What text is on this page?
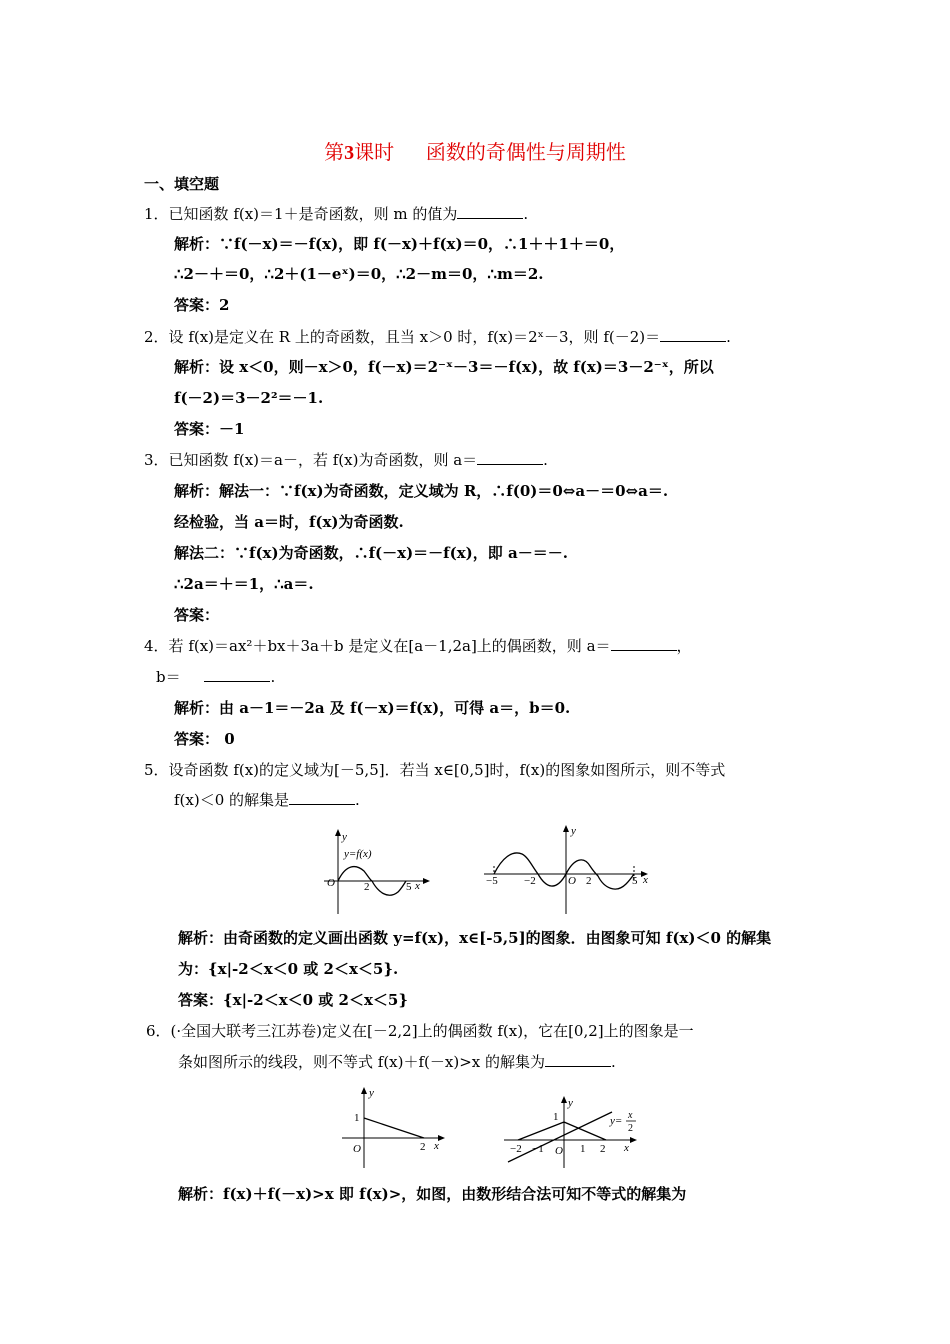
第3课时 函数的奇偶性与周期性
一、填空题
1．已知函数 f(x)＝1＋是奇函数，则 m 的值为	.
解析：∵f(－x)＝－f(x)，即 f(－x)＋f(x)＝0，∴1＋＋1＋＝0，
∴2－＋＝0，∴2＋(1－eˣ)＝0，∴2－m＝0，∴m＝2.
答案：2
2．设 f(x)是定义在 R 上的奇函数，且当 x＞0 时，f(x)＝2ˣ－3，则 f(－2)＝	.
解析：设 x＜0，则－x＞0，f(－x)＝2⁻ˣ－3＝－f(x)，故 f(x)＝3－2⁻ˣ，所以
f(－2)＝3－2²＝－1.
答案：－1
3．已知函数 f(x)＝a－，若 f(x)为奇函数，则 a＝	.
解析：解法一：∵f(x)为奇函数，定义域为 R，∴f(0)＝0⇔a－＝0⇔a＝.
经检验，当 a＝时，f(x)为奇函数.
解法二：∵f(x)为奇函数，∴f(－x)＝－f(x)，即 a－＝－.
∴2a＝＋＝1，∴a＝.
答案：
4．若 f(x)＝ax²＋bx＋3a＋b 是定义在[a－1,2a]上的偶函数，则 a＝	，
b＝	.
解析：由 a－1＝－2a 及 f(－x)＝f(x)，可得 a＝，b＝0.
答案： 0
5．设奇函数 f(x)的定义域为[－5,5]．若当 x∈[0,5]时，f(x)的图象如图所示，则不等式
f(x)＜0 的解集是	.
y
y=f(x)
O	2	5 x
y
−5 −2	O 2	5 x
解析：由奇函数的定义画出函数 y=f(x)，x∈[-5,5]的图象．由图象可知 f(x)＜0 的解集
为：{x|-2＜x＜0 或 2＜x＜5}.
答案：{x|-2＜x＜0 或 2＜x＜5}
6．(·全国大联考三江苏卷)定义在[－2,2]上的偶函数 f(x)，它在[0,2]上的图象是一
条如图所示的线段，则不等式 f(x)＋f(－x)>x 的解集为	.
y
1
O	2 x
y
y= x
2
1
−2 −1 O 1 2 x
解析：f(x)＋f(－x)>x 即 f(x)>，如图，由数形结合法可知不等式的解集为
